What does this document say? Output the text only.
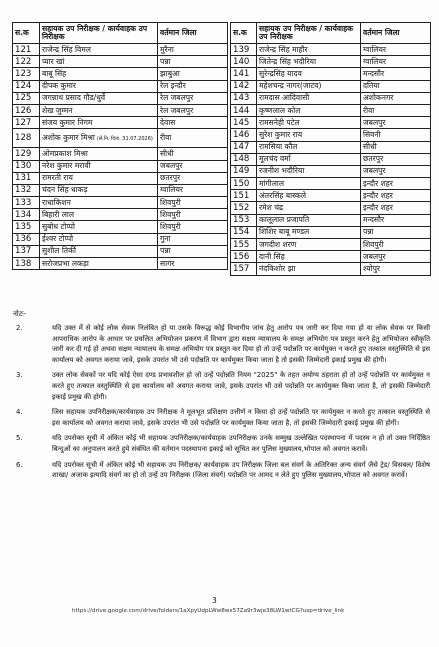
स.क	सहायक उप निरीक्षक / कार्यवाहक उप निरीक्षक	वर्तमान जिला
121	राजेन्द्र सिंह विमल	मुरैना
122	प्यार खां	पन्ना
123	बाबू सिंह	झाबुआ
124	दीपक कुमार	रेल इन्दौर
125	जगन्नाथ प्रसाद गौड/धुर्वे	रेल जबलपुर
126	शेख जुम्मन	रेल जबलपुर
127	संजय कुमार निगम	देवास
128	अशोक कुमार मिश्रा (से.नि. दिना. 31.07.2026)	रीवा
129	ओमप्रकाश मिश्रा	सीधी
130	नरेश कुमार मरावी	जबलपुर
131	रामरती राय	छतरपुर
132	चंदन सिंह धाकड़	ग्वालियर
133	राधाकिशन	शिवपुरी
134	बिहारी लाल	शिवपुरी
135	सुबोध टोप्पो	शिवपुरी
136	ईश्वर टोप्पो	गुना
137	सुशील तिर्की	पन्ना
138	सरोजप्रभा लकड़ा	सागर
स.क	सहायक उप निरीक्षक / कार्यवाहक उप निरीक्षक	वर्तमान जिला
139	राजेन्द्र सिंह माहौर	ग्वालियर
140	जितेन्द्र सिंह भदौरिया	ग्वालियर
141	सुरेन्द्रसिंह यादव	मन्दसौर
142	महेशचन्द्र नागर(जाटव)	दतिया
143	रामदास आदिवासी	अशोकनगर
144	कृष्णलाल कोल	रीवा
145	रामसनेही पटेल	जबलपुर
146	सुरेश कुमार राय	सिवनी
147	रामसिया कौल	सीधी
148	मूलचंद वर्मा	छतरपुर
149	रजनीश भदौरिया	जबलपुर
150	मांगीलाल	इन्दौर शहर
151	अंतरसिंह बास्कले	इन्दौर शहर
152	रमेश चंद्र	इन्दौर शहर
153	कालूलाल प्रजापति	मन्दसौर
154	शिशिर बाबू मण्डल	पन्ना
155	जगदीश शरण	शिवपुरी
156	दानी सिंह	जबलपुर
157	नंदकिशोर झा	श्योपुर
नोटः-
2.	यदि उक्त में से कोई लोक सेवक निलंबित हो या उसके विरूद्ध कोई विभागीय जांच हेतु आरोप पत्र जारी कर दिया गया हो या लोक सेवक पर किसी आपराधिक आरोप के आधार पर प्रचलित अभियोजन प्रकरण में विभाग द्वारा सक्षम न्यायालय के समक्ष अभियोग पत्र प्रस्तुत करने हेतु अभियोजन स्वीकृति जारी कर दी गई हो अथवा सक्षम न्यायालय के समक्ष अभियोग पत्र प्रस्तुत कर दिया हो तो उन्हें पदोन्नति पर कार्यमुक्त न करते हुए तत्काल वस्तुस्थिति से इस कार्यालय को अवगत कराया जावे, इसके उपरांत भी उसे पदोन्नति पर कार्यमुक्त किया जाता है तो इसकी जिम्मेदारी इकाई प्रमुख की होगी।
3.	उक्त लोक सेवकों पर यदि कोई ऐसा दण्ड प्रभावशील हो जो उन्हें पदोन्नति नियम "2025" के तहत अयोग्य ठहराता हो तो उन्हें पदोन्नति पर कार्यमुक्त न करते हुए तत्काल वस्तुस्थिति से इस कार्यालय को अवगत कराया जावे, इसके उपरांत भी उसे पदोन्नति पर कार्यमुक्त किया जाता है, तो इसकी जिम्मेदारी इकाई प्रमुख की होगी।
4.	जिस सहायक उपनिरीक्षक/कार्यवाहक उप निरीक्षक ने मूलभूत प्रशिक्षण उत्तीर्ण न किया हो उन्हें पदोन्नति पर कार्यमुक्त न करते हुए तत्काल वस्तुस्थिति से इस कार्यालय को अवगत कराया जावे, इसके उपरांत भी उसे पदोन्नति पर कार्यमुक्त किया जाता है, तो इसकी जिम्मेदारी इकाई प्रमुख की होगी।
5.	यदि उपरोक्त सूची में अंकित कोई भी सहायक उपनिरीक्षक/कार्यवाहक उपनिरीक्षक उनके सम्मुख उल्लेखित पदस्थापना में पदस्थ न हो तो उक्त निर्दिष्ठित बिन्दुओं का अनुपालन करते हुये संबंधित की वर्तमान पदस्थापना इकाई को सूचित कर पुलिस मुख्यालय,भोपाल को अवगत करावें।
6.	यदि उपरोक्त सूची में अंकित कोई भी सहायक उप निरीक्षक/ कार्यवाहक उप निरीक्षक जिला बल संवर्ग के अतिरिक्त अन्य संवर्ग जैसे ट्रेड/ विसबल/ विशेष शाखा/ अजाक इत्यादि संवर्ग का हो तो उन्हें उप निरीक्षक (जिला संवर्ग) पदोन्नति पर आमद न लेते हुए पुलिस मुख्यालय,भोपाल को अवगत करावें।
3
https://drive.google.com/drive/folders/1aXpyUdpLWw8wx57Za9r3wje38LW1wtCG?usp=drive_link
